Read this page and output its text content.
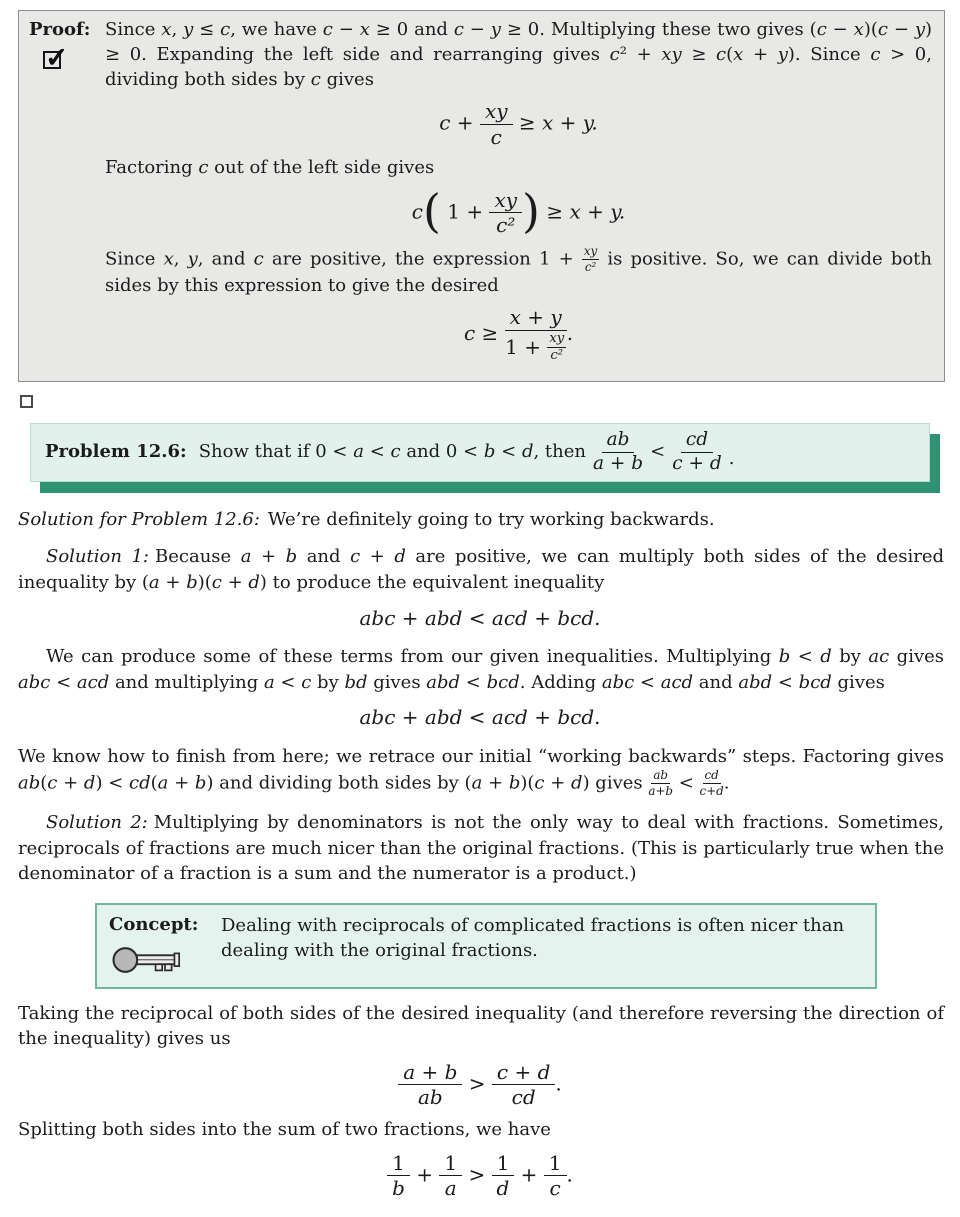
Proof:
✓

Since x, y ≤ c, we have c − x ≥ 0 and c − y ≥ 0. Multiplying these two gives (c − x)(c − y) ≥ 0. Expanding the left side and rearranging gives c² + xy ≥ c(x + y). Since c > 0, dividing both sides by c gives

$c + \frac{xy}{c} \ge x + y$.

Factoring c out of the left side gives

c( $1 + \frac{xy}{\text{c²}}$ ) ≥ x + y.

Since x, y, and c are positive, the expression $1 + \frac{xy}{\text{c²}}$ is positive. So, we can divide both sides by this expression to give the desired

c ≥ x + y
1 +
$\frac{xy}{\text{c²}}$ .
Problem 12.6: Show that if 0 < a < c and 0 < b < d, then $\frac{ab}{a + b} < \frac{cd}{c + d}$ .

Solution for Problem 12.6: We’re definitely going to try working backwards.

Solution 1: Because a + b and c + d are positive, we can multiply both sides of the desired inequality by (a + b)(c + d) to produce the equivalent inequality

abc + abd < acd + bcd.

We can produce some of these terms from our given inequalities. Multiplying b < d by ac gives abc < acd and multiplying a < c by bd gives abd < bcd. Adding abc < acd and abd < bcd gives

abc + abd < acd + bcd.

We know how to finish from here; we retrace our initial “working backwards” steps. Factoring gives ab(c + d) < cd(a + b) and dividing both sides by (a + b)(c + d) gives $\frac{ab}{a+b} < \frac{cd}{c+d}$ .

Solution 2: Multiplying by denominators is not the only way to deal with fractions. Sometimes, reciprocals of fractions are much nicer than the original fractions. (This is particularly true when the denominator of a fraction is a sum and the numerator is a product.)

Concept:	Dealing with reciprocals of complicated fractions is often nicer than dealing with the original fractions.

Taking the reciprocal of both sides of the desired inequality (and therefore reversing the direction of the inequality) gives us

$\frac{a + b}{ab} > \frac{c + d}{cd}$ .

Splitting both sides into the sum of two fractions, we have

$\frac{1}{b} + \frac{1}{a} > \frac{1}{d} + \frac{1}{c}$ .
